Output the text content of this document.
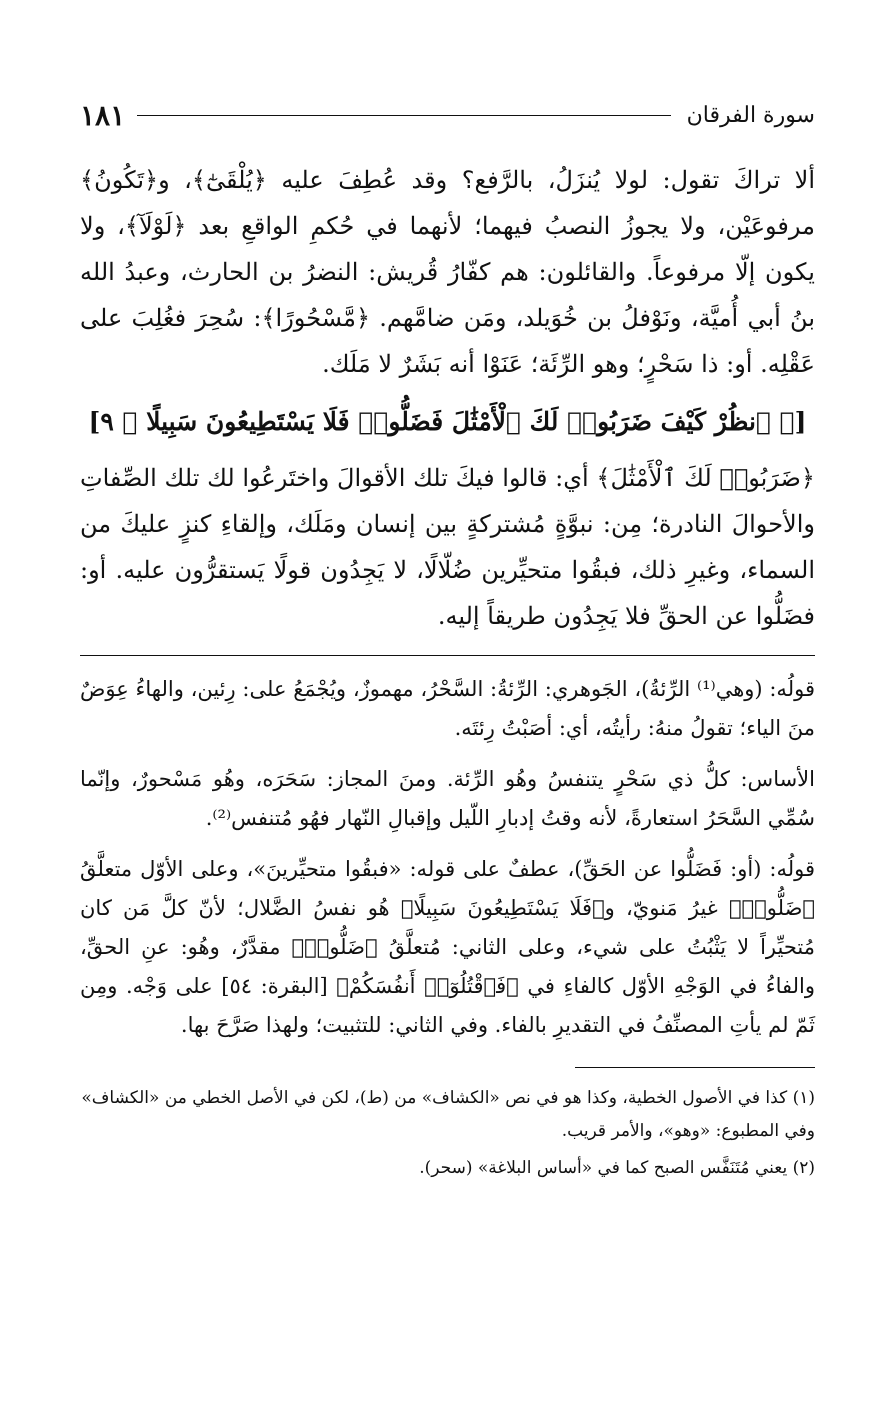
سورة الفرقان
١٨١

ألا تراكَ تقول: لولا يُنزَلُ، بالرَّفع؟ وقد عُطِفَ عليه ﴿يُلْقَىٰٓ﴾، و﴿تَكُونُ﴾ مرفوعَيْن، ولا يجوزُ النصبُ فيهما؛ لأنهما في حُكمِ الواقعِ بعد ﴿لَوْلَآ﴾، ولا يكون إلّا مرفوعاً. والقائلون: هم كفّارُ قُريش: النضرُ بن الحارث، وعبدُ الله بنُ أبي أُميَّة، ونَوْفلُ بن خُوَيلد، ومَن ضامَّهم. ﴿مَّسْحُورًا﴾: سُحِرَ فغُلِبَ على عَقْلِه. أو: ذا سَحْرٍ؛ وهو الرِّئَة؛ عَنَوْا أنه بَشَرٌ لا مَلَك.

[﴿ ٱنظُرْ كَيْفَ ضَرَبُوا۟ لَكَ ٱلْأَمْثَٰلَ فَضَلُّوا۟ فَلَا يَسْتَطِيعُونَ سَبِيلًا ﴾ ٩]

﴿ضَرَبُوا۟ لَكَ ٱلْأَمْثَٰلَ﴾ أي: قالوا فيكَ تلك الأقوالَ واختَرعُوا لك تلك الصِّفاتِ والأحوالَ النادرة؛ مِن: نبوَّةٍ مُشتركةٍ بين إنسان ومَلَك، وإلقاءِ كنزٍ عليكَ من السماء، وغيرِ ذلك، فبقُوا متحيِّرين ضُلّالًا، لا يَجِدُون قولًا يَستقرُّون عليه. أو: فضَلُّوا عن الحقِّ فلا يَجِدُون طريقاً إليه.

قولُه: (وهي⁽¹⁾ الرِّئةُ)، الجَوهري: الرِّئةُ: السَّحْرُ، مهموزٌ، ويُجْمَعُ على: رِئين، والهاءُ عِوَضٌ منَ الياء؛ تقولُ منهُ: رأيتُه، أي: أصَبْتُ رِئتَه.

الأساس: كلُّ ذي سَحْرٍ يتنفسُ وهُو الرِّئة. ومنَ المجاز: سَحَرَه، وهُو مَسْحورٌ، وإنّما سُمِّي السَّحَرُ استعارةً، لأنه وقتُ إدبارِ اللّيل وإقبالِ النّهار فهُو مُتنفس⁽²⁾.

قولُه: (أو: فَضَلُّوا عن الحَقِّ)، عطفٌ على قوله: «فبقُوا متحيِّرينَ»، وعلى الأوّل متعلَّقُ ﴿ضَلُّوا۟﴾ غيرُ مَنويّ، و﴿فَلَا يَسْتَطِيعُونَ سَبِيلًا﴾ هُو نفسُ الضَّلال؛ لأنّ كلَّ مَن كان مُتحيِّراً لا يَثْبُتُ على شيء، وعلى الثاني: مُتعلَّقُ ﴿ضَلُّوا۟﴾ مقدَّرٌ، وهُو: عنِ الحقِّ، والفاءُ في الوَجْهِ الأوّل كالفاءِ في ﴿فَٱقْتُلُوٓا۟ أَنفُسَكُمْ﴾ [البقرة: ٥٤] على وَجْه. ومِن ثَمّ لم يأتِ المصنِّفُ في التقديرِ بالفاء. وفي الثاني: للتثبيت؛ ولهذا صَرَّحَ بها.

(١) كذا في الأصول الخطية، وكذا هو في نص «الكشاف» من (ط)، لكن في الأصل الخطي من «الكشاف» وفي المطبوع: «وهو»، والأمر قريب.

(٢) يعني مُتَنَفَّس الصبح كما في «أساس البلاغة» (سحر).
